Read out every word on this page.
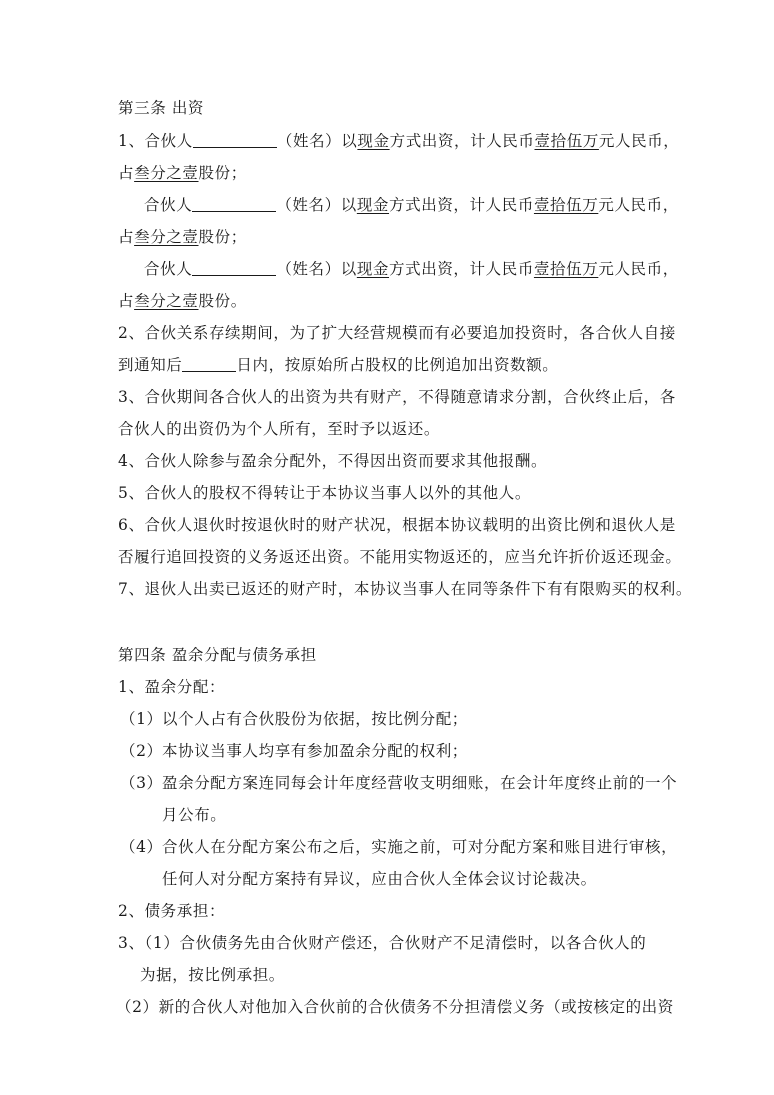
第三条 出资
1、合伙人	（姓名）以现金方式出资，计人民币壹拾伍万元人民币，
占叁分之壹股份；
合伙人	（姓名）以现金方式出资，计人民币壹拾伍万元人民币，
占叁分之壹股份；
合伙人	（姓名）以现金方式出资，计人民币壹拾伍万元人民币，
占叁分之壹股份。
2、合伙关系存续期间，为了扩大经营规模而有必要追加投资时，各合伙人自接
到通知后	日内，按原始所占股权的比例追加出资数额。
3、合伙期间各合伙人的出资为共有财产，不得随意请求分割，合伙终止后，各
合伙人的出资仍为个人所有，至时予以返还。
4、合伙人除参与盈余分配外，不得因出资而要求其他报酬。
5、合伙人的股权不得转让于本协议当事人以外的其他人。
6、合伙人退伙时按退伙时的财产状况，根据本协议载明的出资比例和退伙人是
否履行追回投资的义务返还出资。不能用实物返还的，应当允许折价返还现金。
7、退伙人出卖已返还的财产时，本协议当事人在同等条件下有有限购买的权利。
第四条 盈余分配与债务承担
1、盈余分配：
（1）以个人占有合伙股份为依据，按比例分配；
（2）本协议当事人均享有参加盈余分配的权利；
（3）盈余分配方案连同每会计年度经营收支明细账，在会计年度终止前的一个
月公布。
（4）合伙人在分配方案公布之后，实施之前，可对分配方案和账目进行审核，
任何人对分配方案持有异议，应由合伙人全体会议讨论裁决。
2、债务承担：
3、（1）合伙债务先由合伙财产偿还，合伙财产不足清偿时，以各合伙人的
为据，按比例承担。
（2）新的合伙人对他加入合伙前的合伙债务不分担清偿义务（或按核定的出资
